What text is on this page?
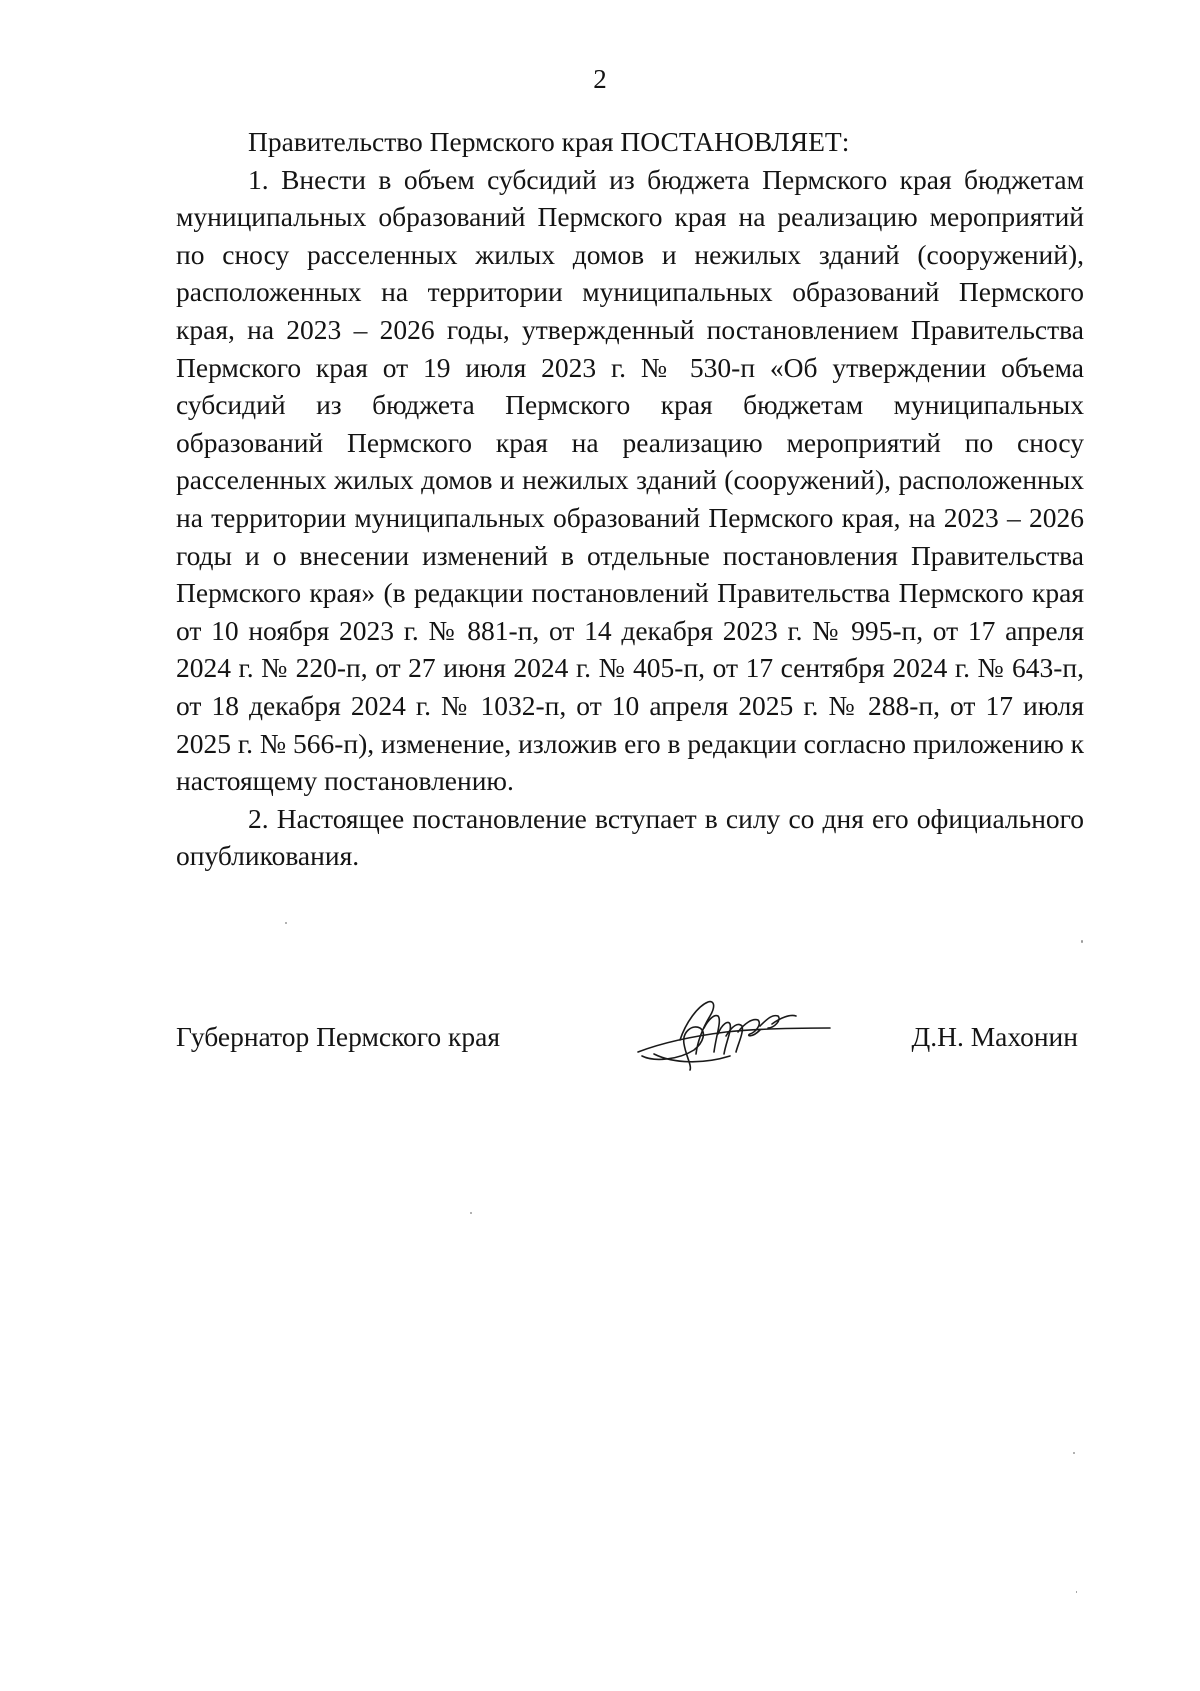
2

Правительство Пермского края ПОСТАНОВЛЯЕТ:

1. Внести в объем субсидий из бюджета Пермского края бюджетам муниципальных образований Пермского края на реализацию мероприятий по сносу расселенных жилых домов и нежилых зданий (сооружений), расположенных на территории муниципальных образований Пермского края, на 2023 – 2026 годы, утвержденный постановлением Правительства Пермского края от 19 июля 2023 г. № 530-п «Об утверждении объема субсидий из бюджета Пермского края бюджетам муниципальных образований Пермского края на реализацию мероприятий по сносу расселенных жилых домов и нежилых зданий (сооружений), расположенных на территории муниципальных образований Пермского края, на 2023 – 2026 годы и о внесении изменений в отдельные постановления Правительства Пермского края» (в редакции постановлений Правительства Пермского края от 10 ноября 2023 г. № 881-п, от 14 декабря 2023 г. № 995-п, от 17 апреля 2024 г. № 220-п, от 27 июня 2024 г. № 405-п, от 17 сентября 2024 г. № 643-п, от 18 декабря 2024 г. № 1032-п, от 10 апреля 2025 г. № 288-п, от 17 июля 2025 г. № 566-п), изменение, изложив его в редакции согласно приложению к настоящему постановлению.

2. Настоящее постановление вступает в силу со дня его официального опубликования.

Губернатор Пермского края	Д.Н. Махонин
